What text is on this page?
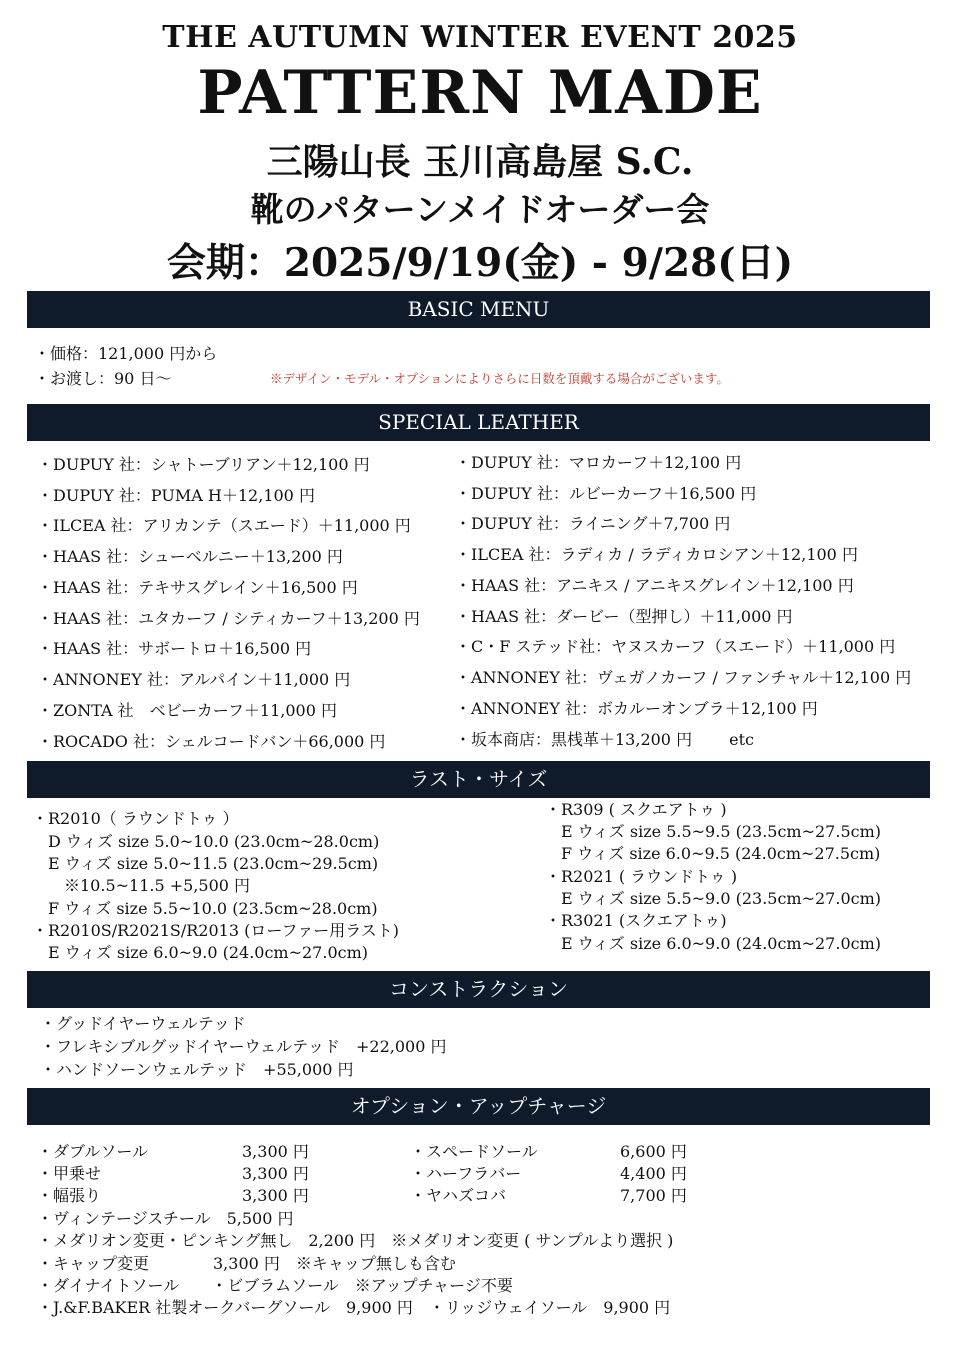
THE AUTUMN WINTER EVENT 2025
PATTERN MADE
三陽山長 玉川高島屋 S.C.
靴のパターンメイドオーダー会
会期：2025/9/19(金) - 9/28(日)
BASIC MENU
・価格：121,000 円から
・お渡し：90 日〜	※デザイン・モデル・オプションによりさらに日数を頂戴する場合がございます。
SPECIAL LEATHER
・DUPUY 社：シャトーブリアン＋12,100 円
・DUPUY 社：PUMA H＋12,100 円
・ILCEA 社：アリカンテ（スエード）＋11,000 円
・HAAS 社：シューベルニー＋13,200 円
・HAAS 社：テキサスグレイン＋16,500 円
・HAAS 社：ユタカーフ / シティカーフ＋13,200 円
・HAAS 社：サボートロ＋16,500 円
・ANNONEY 社：アルパイン＋11,000 円
・ZONTA 社　ベビーカーフ＋11,000 円
・ROCADO 社：シェルコードバン＋66,000 円
・DUPUY 社：マロカーフ＋12,100 円
・DUPUY 社：ルビーカーフ＋16,500 円
・DUPUY 社：ライニング＋7,700 円
・ILCEA 社：ラディカ / ラディカロシアン＋12,100 円
・HAAS 社：アニキス / アニキスグレイン＋12,100 円
・HAAS 社：ダービー（型押し）＋11,000 円
・C・F ステッド社：ヤヌスカーフ（スエード）＋11,000 円
・ANNONEY 社：ヴェガノカーフ / ファンチャル＋12,100 円
・ANNONEY 社：ボカルーオンブラ＋12,100 円
・坂本商店：黒桟革＋13,200 円　　 etc
ラスト・サイズ
・R2010（ ラウンドトゥ ）
　D ウィズ size 5.0~10.0 (23.0cm~28.0cm)
　E ウィズ size 5.0~11.5 (23.0cm~29.5cm)
　　※10.5~11.5 +5,500 円
　F ウィズ size 5.5~10.0 (23.5cm~28.0cm)
・R2010S/R2021S/R2013 (ローファー用ラスト)
　E ウィズ size 6.0~9.0 (24.0cm~27.0cm)
・R309 ( スクエアトゥ )
　E ウィズ size 5.5~9.5 (23.5cm~27.5cm)
　F ウィズ size 6.0~9.5 (24.0cm~27.5cm)
・R2021 ( ラウンドトゥ )
　E ウィズ size 5.5~9.0 (23.5cm~27.0cm)
・R3021 (スクエアトゥ)
　E ウィズ size 6.0~9.0 (24.0cm~27.0cm)
コンストラクション
・グッドイヤーウェルテッド
・フレキシブルグッドイヤーウェルテッド　+22,000 円
・ハンドソーンウェルテッド　+55,000 円
オプション・アップチャージ
・ダブルソール	3,300 円
・甲乗せ	3,300 円
・幅張り	3,300 円
・スペードソール	6,600 円
・ハーフラバー	4,400 円
・ヤハズコバ	7,700 円
・ヴィンテージスチール　5,500 円
・メダリオン変更・ピンキング無し　2,200 円　※メダリオン変更 ( サンプルより選択 )
・キャップ変更　　　　3,300 円　※キャップ無しも含む
・ダイナイトソール　　・ビブラムソール　※アップチャージ不要
・J.&F.BAKER 社製オークバーグソール　9,900 円　・リッジウェイソール　9,900 円
